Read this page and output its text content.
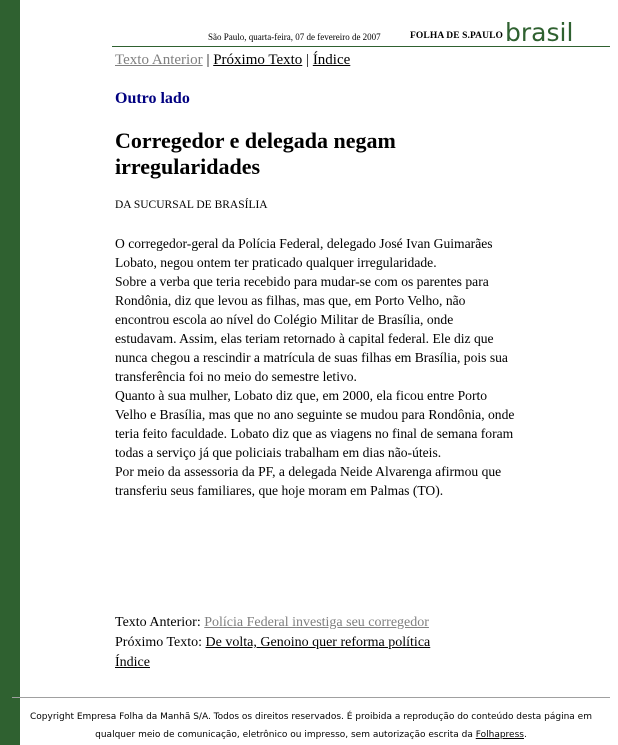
São Paulo, quarta-feira, 07 de fevereiro de 2007	FOLHA DE S.PAULObrasil
Texto Anterior | Próximo Texto | Índice
Outro lado
Corregedor e delegada negam irregularidades
DA SUCURSAL DE BRASÍLIA

O corregedor-geral da Polícia Federal, delegado José Ivan Guimarães Lobato, negou ontem ter praticado qualquer irregularidade.

Sobre a verba que teria recebido para mudar-se com os parentes para Rondônia, diz que levou as filhas, mas que, em Porto Velho, não encontrou escola ao nível do Colégio Militar de Brasília, onde estudavam. Assim, elas teriam retornado à capital federal. Ele diz que nunca chegou a rescindir a matrícula de suas filhas em Brasília, pois sua transferência foi no meio do semestre letivo.

Quanto à sua mulher, Lobato diz que, em 2000, ela ficou entre Porto Velho e Brasília, mas que no ano seguinte se mudou para Rondônia, onde teria feito faculdade. Lobato diz que as viagens no final de semana foram todas a serviço já que policiais trabalham em dias não-úteis.

Por meio da assessoria da PF, a delegada Neide Alvarenga afirmou que transferiu seus familiares, que hoje moram em Palmas (TO).

Texto Anterior: Polícia Federal investiga seu corregedor
Próximo Texto: De volta, Genoino quer reforma política
Índice
Copyright Empresa Folha da Manhã S/A. Todos os direitos reservados. É proibida a reprodução do conteúdo desta página em
qualquer meio de comunicação, eletrônico ou impresso, sem autorização escrita da Folhapress.
